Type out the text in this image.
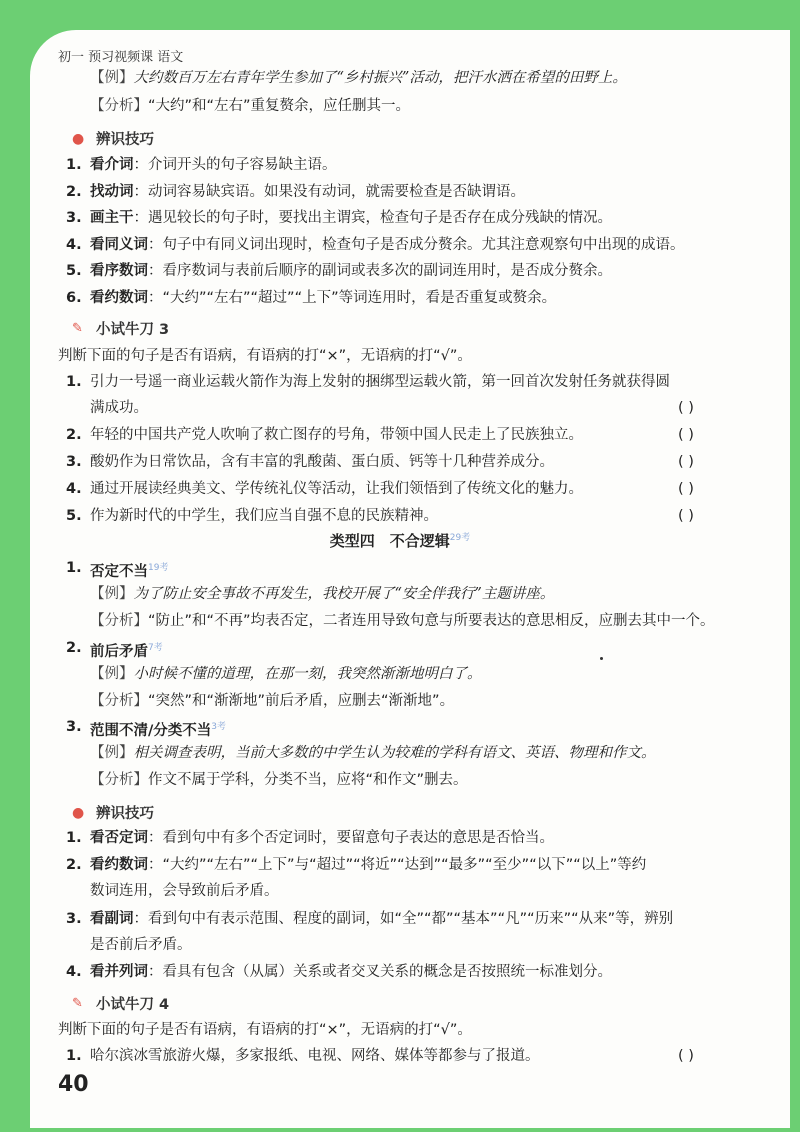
初一 预习视频课 语文
【例】大约数百万左右青年学生参加了“乡村振兴”活动，把汗水洒在希望的田野上。
【分析】“大约”和“左右”重复赘余，应任删其一。
● 辨识技巧
1. 看介词：介词开头的句子容易缺主语。
2. 找动词：动词容易缺宾语。如果没有动词，就需要检查是否缺谓语。
3. 画主干：遇见较长的句子时，要找出主谓宾，检查句子是否存在成分残缺的情况。
4. 看同义词：句子中有同义词出现时，检查句子是否成分赘余。尤其注意观察句中出现的成语。
5. 看序数词：看序数词与表前后顺序的副词或表多次的副词连用时，是否成分赘余。
6. 看约数词：“大约”“左右”“超过”“上下”等词连用时，看是否重复或赘余。
✎ 小试牛刀 3
判断下面的句子是否有语病，有语病的打“×”，无语病的打“√”。
1. 引力一号遥一商业运载火箭作为海上发射的捆绑型运载火箭，第一回首次发射任务就获得圆
满成功。	( )
2. 年轻的中国共产党人吹响了救亡图存的号角，带领中国人民走上了民族独立。	( )
3. 酸奶作为日常饮品，含有丰富的乳酸菌、蛋白质、钙等十几种营养成分。	( )
4. 通过开展读经典美文、学传统礼仪等活动，让我们领悟到了传统文化的魅力。	( )
5. 作为新时代的中学生，我们应当自强不息的民族精神。	( )
类型四　不合逻辑$^{29考}$
1. 否定不当$^{19考}$
【例】为了防止安全事故不再发生，我校开展了“安全伴我行”主题讲座。
【分析】“防止”和“不再”均表否定，二者连用导致句意与所要表达的意思相反，应删去其中一个。
2. 前后矛盾$^{7考}$
【例】小时候不懂的道理，在那一刻，我突然渐渐地明白了。
【分析】“突然”和“渐渐地”前后矛盾，应删去“渐渐地”。
3. 范围不清/分类不当$^{3考}$
【例】相关调查表明，当前大多数的中学生认为较难的学科有语文、英语、物理和作文。
【分析】作文不属于学科，分类不当，应将“和作文”删去。
● 辨识技巧
1. 看否定词：看到句中有多个否定词时，要留意句子表达的意思是否恰当。
2. 看约数词：“大约”“左右”“上下”与“超过”“将近”“达到”“最多”“至少”“以下”“以上”等约
数词连用，会导致前后矛盾。
3. 看副词：看到句中有表示范围、程度的副词，如“全”“都”“基本”“凡”“历来”“从来”等，辨别
是否前后矛盾。
4. 看并列词：看具有包含（从属）关系或者交叉关系的概念是否按照统一标准划分。
✎ 小试牛刀 4
判断下面的句子是否有语病，有语病的打“×”，无语病的打“√”。
1. 哈尔滨冰雪旅游火爆，多家报纸、电视、网络、媒体等都参与了报道。	( )
40
